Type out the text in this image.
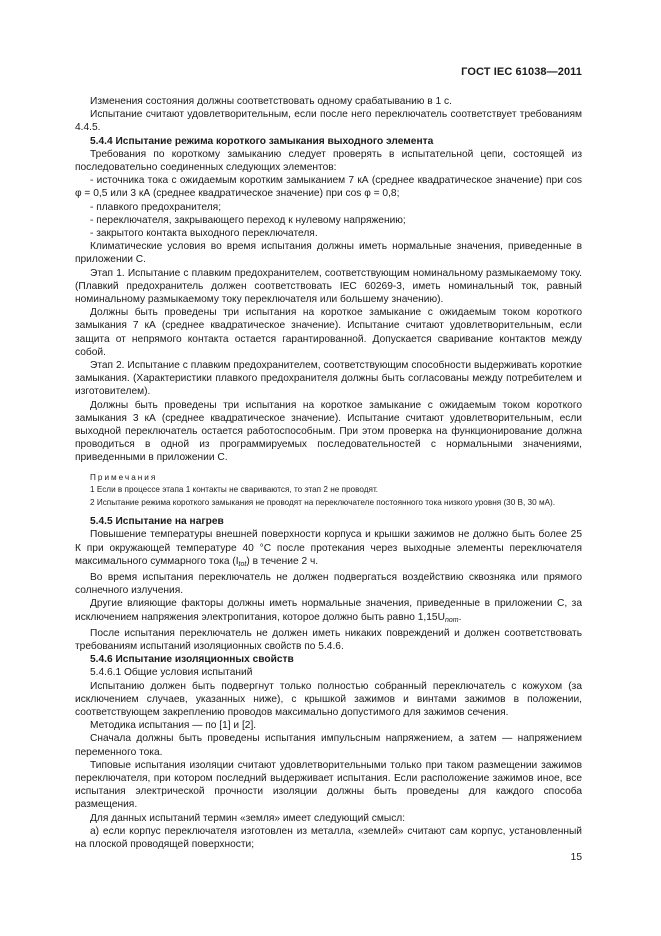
ГОСТ IEC 61038—2011

Изменения состояния должны соответствовать одному срабатыванию в 1 с.

Испытание считают удовлетворительным, если после него переключатель соответствует требованиям 4.4.5.

5.4.4 Испытание режима короткого замыкания выходного элемента

Требования по короткому замыканию следует проверять в испытательной цепи, состоящей из последовательно соединенных следующих элементов:

- источника тока с ожидаемым коротким замыканием 7 кА (среднее квадратическое значение) при cos φ = 0,5 или 3 кА (среднее квадратическое значение) при cos φ = 0,8;

- плавкого предохранителя;

- переключателя, закрывающего переход к нулевому напряжению;

- закрытого контакта выходного переключателя.

Климатические условия во время испытания должны иметь нормальные значения, приведенные в приложении С.

Этап 1. Испытание с плавким предохранителем, соответствующим номинальному размыкаемому току. (Плавкий предохранитель должен соответствовать IEC 60269-3, иметь номинальный ток, равный номинальному размыкаемому току переключателя или большему значению).

Должны быть проведены три испытания на короткое замыкание с ожидаемым током короткого замыкания 7 кА (среднее квадратическое значение). Испытание считают удовлетворительным, если защита от непрямого контакта остается гарантированной. Допускается сваривание контактов между собой.

Этап 2. Испытание с плавким предохранителем, соответствующим способности выдерживать короткие замыкания. (Характеристики плавкого предохранителя должны быть согласованы между потребителем и изготовителем).

Должны быть проведены три испытания на короткое замыкание с ожидаемым током короткого замыкания 3 кА (среднее квадратическое значение). Испытание считают удовлетворительным, если выходной переключатель остается работоспособным. При этом проверка на функционирование должна проводиться в одной из программируемых последовательностей с нормальными значениями, приведенными в приложении С.

Примечания

1 Если в процессе этапа 1 контакты не свариваются, то этап 2 не проводят.

2 Испытание режима короткого замыкания не проводят на переключателе постоянного тока низкого уровня (30 В, 30 мА).

5.4.5 Испытание на нагрев

Повышение температуры внешней поверхности корпуса и крышки зажимов не должно быть более 25 К при окружающей температуре 40 °С после протекания через выходные элементы переключателя максимального суммарного тока $(I_{tot})$ в течение 2 ч.

Во время испытания переключатель не должен подвергаться воздействию сквозняка или прямого солнечного излучения.

Другие влияющие факторы должны иметь нормальные значения, приведенные в приложении С, за исключением напряжения электропитания, которое должно быть равно $1,15U_{nom}$.

После испытания переключатель не должен иметь никаких повреждений и должен соответствовать требованиям испытаний изоляционных свойств по 5.4.6.

5.4.6 Испытание изоляционных свойств

5.4.6.1 Общие условия испытаний

Испытанию должен быть подвергнут только полностью собранный переключатель с кожухом (за исключением случаев, указанных ниже), с крышкой зажимов и винтами зажимов в положении, соответствующем закреплению проводов максимально допустимого для зажимов сечения.

Методика испытания — по [1] и [2].

Сначала должны быть проведены испытания импульсным напряжением, а затем — напряжением переменного тока.

Типовые испытания изоляции считают удовлетворительными только при таком размещении зажимов переключателя, при котором последний выдерживает испытания. Если расположение зажимов иное, все испытания электрической прочности изоляции должны быть проведены для каждого способа размещения.

Для данных испытаний термин «земля» имеет следующий смысл:

а) если корпус переключателя изготовлен из металла, «землей» считают сам корпус, установленный на плоской проводящей поверхности;

15
